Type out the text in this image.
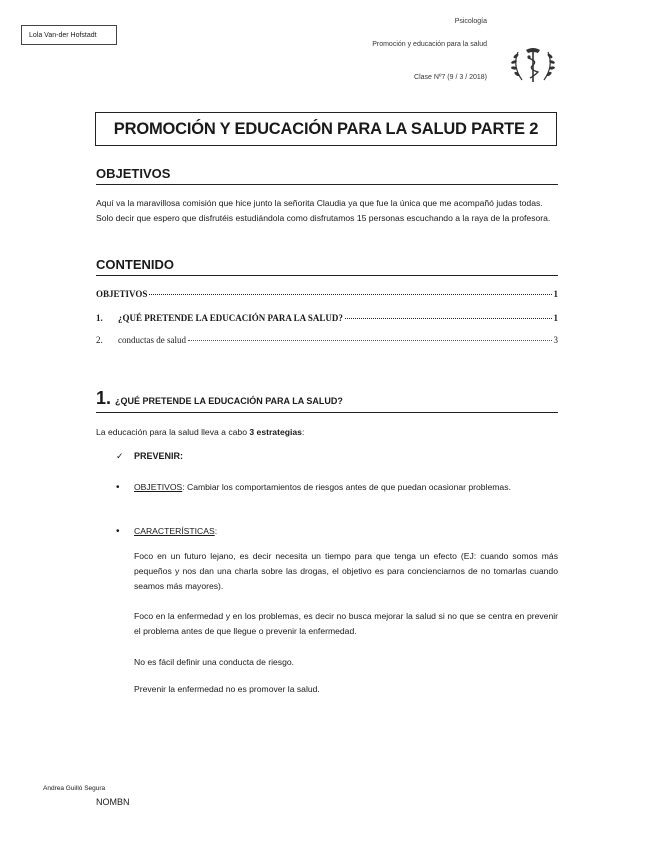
Lola Van-der Hofstadt
Psicología
Promoción y educación para la salud
Clase Nº7 (9 / 3 / 2018)
PROMOCIÓN Y EDUCACIÓN PARA LA SALUD PARTE 2
OBJETIVOS
Aquí va la maravillosa comisión que hice junto la señorita Claudia ya que fue la única que me acompañó judas todas. Solo decir que espero que disfrutéis estudiándola como disfrutamos 15 personas escuchando a la raya de la profesora.
CONTENIDO
OBJETIVOS	1
1. ¿QUÉ PRETENDE LA EDUCACIÓN PARA LA SALUD?	1
2. conductas de salud	3
1. ¿QUÉ PRETENDE LA EDUCACIÓN PARA LA SALUD?
La educación para la salud lleva a cabo 3 estrategias:
✓ PREVENIR:
•	OBJETIVOS: Cambiar los comportamientos de riesgos antes de que puedan ocasionar problemas.
•	CARACTERÍSTICAS:
Foco en un futuro lejano, es decir necesita un tiempo para que tenga un efecto (EJ: cuando somos más pequeños y nos dan una charla sobre las drogas, el objetivo es para concienciarnos de no tomarlas cuando seamos más mayores).
Foco en la enfermedad y en los problemas, es decir no busca mejorar la salud si no que se centra en prevenir el problema antes de que llegue o prevenir la enfermedad.
No es fácil definir una conducta de riesgo.
Prevenir la enfermedad no es promover la salud.
Andrea Guilló Segura
NOMBN
